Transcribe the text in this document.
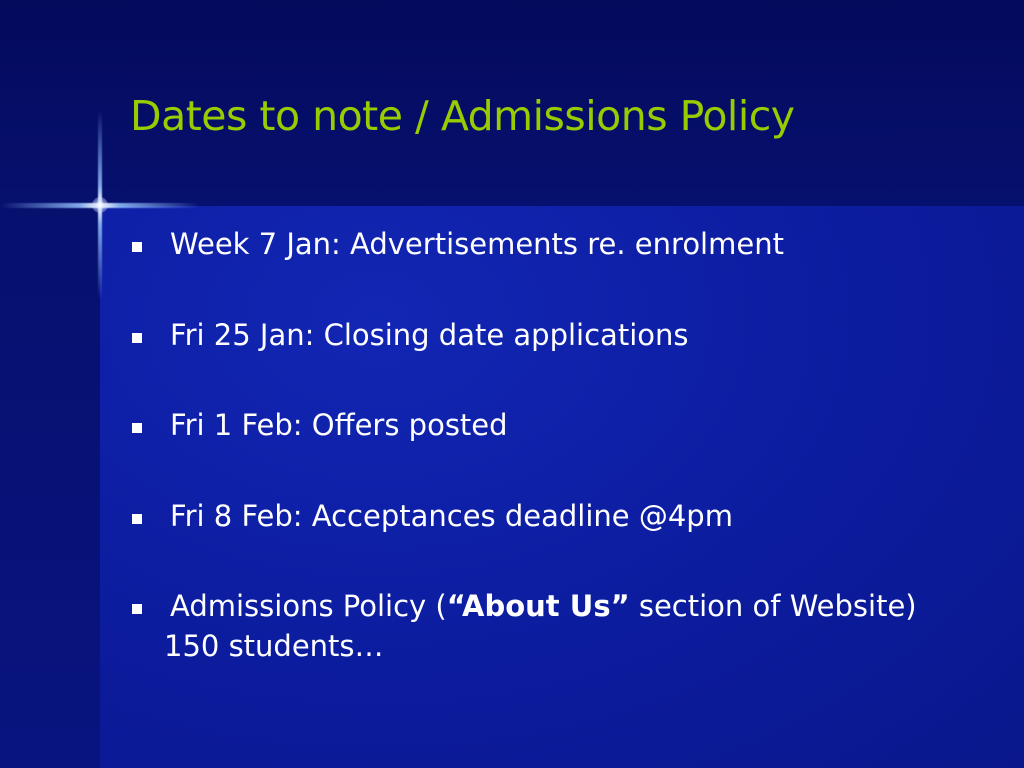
Dates to note / Admissions Policy
Week 7 Jan: Advertisements re. enrolment
Fri 25 Jan: Closing date applications
Fri 1 Feb: Offers posted
Fri 8 Feb: Acceptances deadline @4pm
Admissions Policy (“About Us” section of Website)
150 students…
